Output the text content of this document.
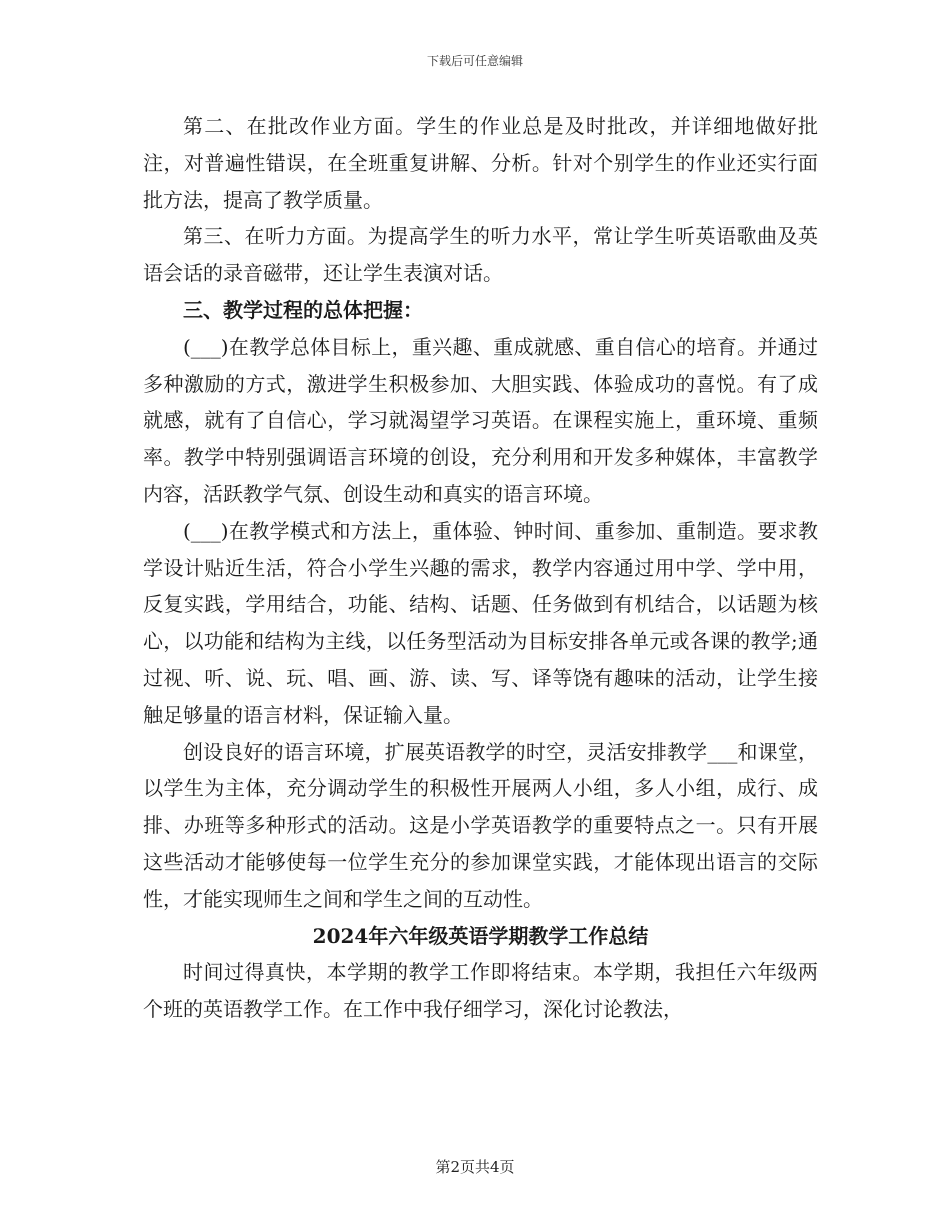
下载后可任意编辑

第二、在批改作业方面。学生的作业总是及时批改，并详细地做好批注，对普遍性错误，在全班重复讲解、分析。针对个别学生的作业还实行面批方法，提高了教学质量。

第三、在听力方面。为提高学生的听力水平，常让学生听英语歌曲及英语会话的录音磁带，还让学生表演对话。

三、教学过程的总体把握：

(___)在教学总体目标上，重兴趣、重成就感、重自信心的培育。并通过多种激励的方式，激进学生积极参加、大胆实践、体验成功的喜悦。有了成就感，就有了自信心，学习就渴望学习英语。在课程实施上，重环境、重频率。教学中特别强调语言环境的创设，充分利用和开发多种媒体，丰富教学内容，活跃教学气氛、创设生动和真实的语言环境。

(___)在教学模式和方法上，重体验、钟时间、重参加、重制造。要求教学设计贴近生活，符合小学生兴趣的需求，教学内容通过用中学、学中用，反复实践，学用结合，功能、结构、话题、任务做到有机结合，以话题为核心，以功能和结构为主线，以任务型活动为目标安排各单元或各课的教学;通过视、听、说、玩、唱、画、游、读、写、译等饶有趣味的活动，让学生接触足够量的语言材料，保证输入量。

创设良好的语言环境，扩展英语教学的时空，灵活安排教学___和课堂，以学生为主体，充分调动学生的积极性开展两人小组，多人小组，成行、成排、办班等多种形式的活动。这是小学英语教学的重要特点之一。只有开展这些活动才能够使每一位学生充分的参加课堂实践，才能体现出语言的交际性，才能实现师生之间和学生之间的互动性。

2024年六年级英语学期教学工作总结

时间过得真快，本学期的教学工作即将结束。本学期，我担任六年级两个班的英语教学工作。在工作中我仔细学习，深化讨论教法，

第2页共4页
